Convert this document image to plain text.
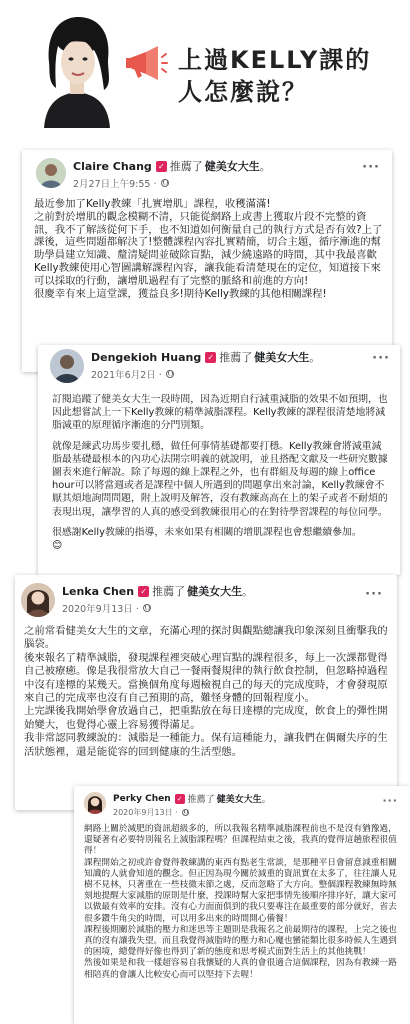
上過KELLY課的
人怎麼說？
Claire Chang ✓ 推薦了 健美女大生 。
2月27日上午9:55 ·
···

最近參加了Kelly教練「扎實增肌」課程，收穫滿滿!

之前對於增肌的觀念模糊不清，只能從網路上或書上獲取片段不完整的資訊，我不了解該從何下手，也不知道如何衡量自己的執行方式是否有效?上了課後，這些問題都解決了!整體課程內容扎實精簡，切合主題，循序漸進的幫助學員建立知識、釐清疑問並破除盲點，減少繞遠路的時間，其中我最喜歡Kelly教練使用心智圖講解課程內容，讓我能看清楚現在的定位，知道接下來可以採取的行動，讓增肌過程有了完整的脈絡和前進的方向!

很慶幸有來上這堂課，獲益良多!期待Kelly教練的其他相關課程!

Dengekioh Huang ✓ 推薦了 健美女大生 。
2021年6月2日 ·
···

訂閱追蹤了健美女大生一段時間，因為近期自行減重減脂的效果不如預期，也因此想嘗試上一下Kelly教練的精準減脂課程。Kelly教練的課程很清楚地將減脂減重的原理循序漸進的分門別類。

就像是練武功馬步要扎穩，做任何事情基礎都要打穩。Kelly教練會將減重減脂最基礎最根本的內功心法開宗明義的就說明，並且搭配文獻及一些研究數據圖表來進行解說。除了每週的線上課程之外，也有群組及每週的線上office hour可以將當週或者是課程中個人所遇到的問題拿出來討論，Kelly教練會不厭其煩地詢問問題，附上說明及解答，沒有教練高高在上的架子或者不耐煩的表現出現，讓學習的人真的感受到教練很用心的在對待學習課程的每位同學。

很感謝Kelly教練的指導，未來如果有相關的增肌課程也會想繼續參加。

😊

Lenka Chen ✓ 推薦了 健美女大生 。
2020年9月13日 ·
···

之前常看健美女大生的文章，充滿心理的探討與觀點總讓我印象深刻且衝擊我的腦袋。

後來報名了精準減脂，發現課程裡突破心理盲點的課程很多，每上一次課都覺得自己被療癒。像是我很常放大自己一餐兩餐規律的執行飲食控制，但忽略掉過程中沒有達標的某幾天。當換個角度每週檢視自己的每天的完成度時，才會發現原來自己的完成率也沒有自己預期的高，難怪身體的回報程度小。

上完課後我開始學會放過自己，把重點放在每日達標的完成度，飲食上的彈性開始變大，也覺得心靈上容易獲得滿足。

我非常認同教練說的：減脂是一種能力。保有這種能力，讓我們在偶爾失序的生活狀態裡，還是能從容的回到健康的生活型態。

Perky Chen ✓ 推薦了 健美女大生 。
2020年9月13日 ·
···

網路上關於減肥的資訊超級多的，所以我報名精準減脂課程前也不是沒有猶豫過，還疑著有必要特別報名上減脂課程嗎？但課程結束之後，我真的覺得這趟旅程很值得！

課程開始之初或許會覺得教練講的東西有點老生常談，是那種平日會留意減重相關知識的人就會知道的觀念。但正因為現今關於減重的資訊實在太多了，往往讓人見樹不見林，只著重在一些枝微末節之處，反而忽略了大方向。整個課程教練無時無刻地提醒大家減脂的原則是什麼，授課時幫大家把事情先後順序排序好，讓大家可以做最有效率的安排。沒有心力面面俱到的我只要專注在最重要的部分就好，省去很多鑽牛角尖的時間，可以用多出來的時間開心備餐！

課程後期關於減脂的壓力和迷思等主題則是我報名之前最期待的課程，上完之後也真的沒有讓我失望。而且我覺得減脂時的壓力和心魔也蠻能類比很多時候人生遇到的困境，總覺得好像也得到了新的態度和思考模式面對生活上的其他挑戰！

然後如果是和我一樣超容易自我懷疑的人真的會很適合這個課程，因為有教練一路相陪真的會讓人比較安心而可以堅持下去喔！
